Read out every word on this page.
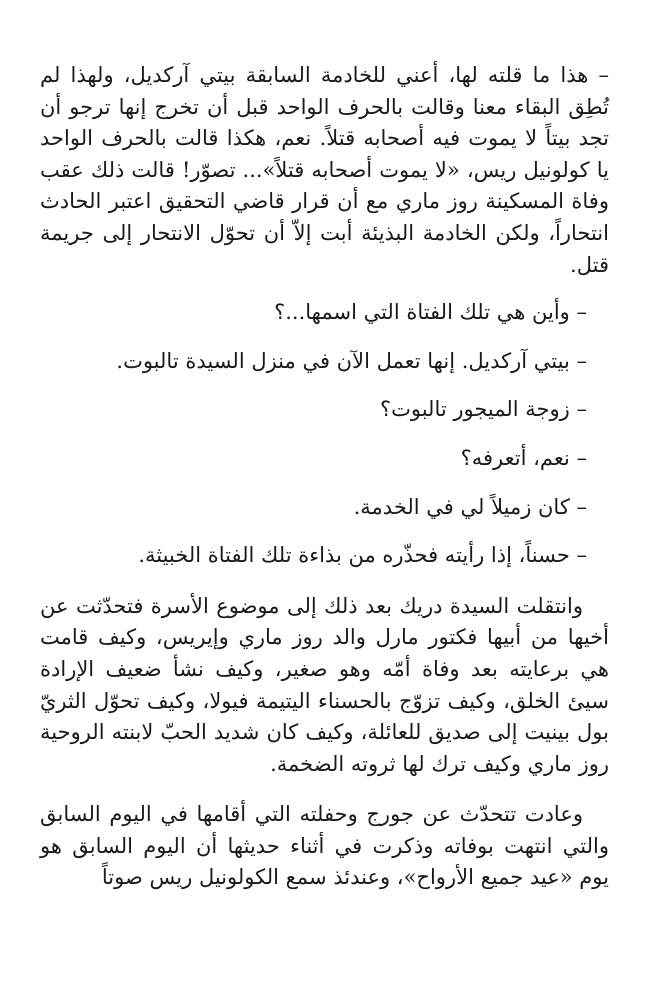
– هذا ما قلته لها، أعني للخادمة السابقة بيتي آركديل، ولهذا لم تُطِق البقاء معنا وقالت بالحرف الواحد قبل أن تخرج إنها ترجو أن تجد بيتاً لا يموت فيه أصحابه قتلاً. نعم، هكذا قالت بالحرف الواحد يا كولونيل ريس، «لا يموت أصحابه قتلاً»... تصوّر! قالت ذلك عقب وفاة المسكينة روز ماري مع أن قرار قاضي التحقيق اعتبر الحادث انتحاراً، ولكن الخادمة البذيئة أبت إلاّ أن تحوّل الانتحار إلى جريمة قتل.

– وأين هي تلك الفتاة التي اسمها...؟

– بيتي آركديل. إنها تعمل الآن في منزل السيدة تالبوت.

– زوجة الميجور تالبوت؟

– نعم، أتعرفه؟

– كان زميلاً لي في الخدمة.

– حسناً، إذا رأيته فحذّره من بذاءة تلك الفتاة الخبيثة.

وانتقلت السيدة دريك بعد ذلك إلى موضوع الأسرة فتحدّثت عن أخيها من أبيها فكتور مارل والد روز ماري وإيريس، وكيف قامت هي برعايته بعد وفاة أمّه وهو صغير، وكيف نشأ ضعيف الإرادة سيئ الخلق، وكيف تزوّج بالحسناء اليتيمة فيولا، وكيف تحوّل الثريّ بول بينيت إلى صديق للعائلة، وكيف كان شديد الحبّ لابنته الروحية روز ماري وكيف ترك لها ثروته الضخمة.

وعادت تتحدّث عن جورج وحفلته التي أقامها في اليوم السابق والتي انتهت بوفاته وذكرت في أثناء حديثها أن اليوم السابق هو يوم «عيد جميع الأرواح»، وعندئذ سمع الكولونيل ريس صوتاً
